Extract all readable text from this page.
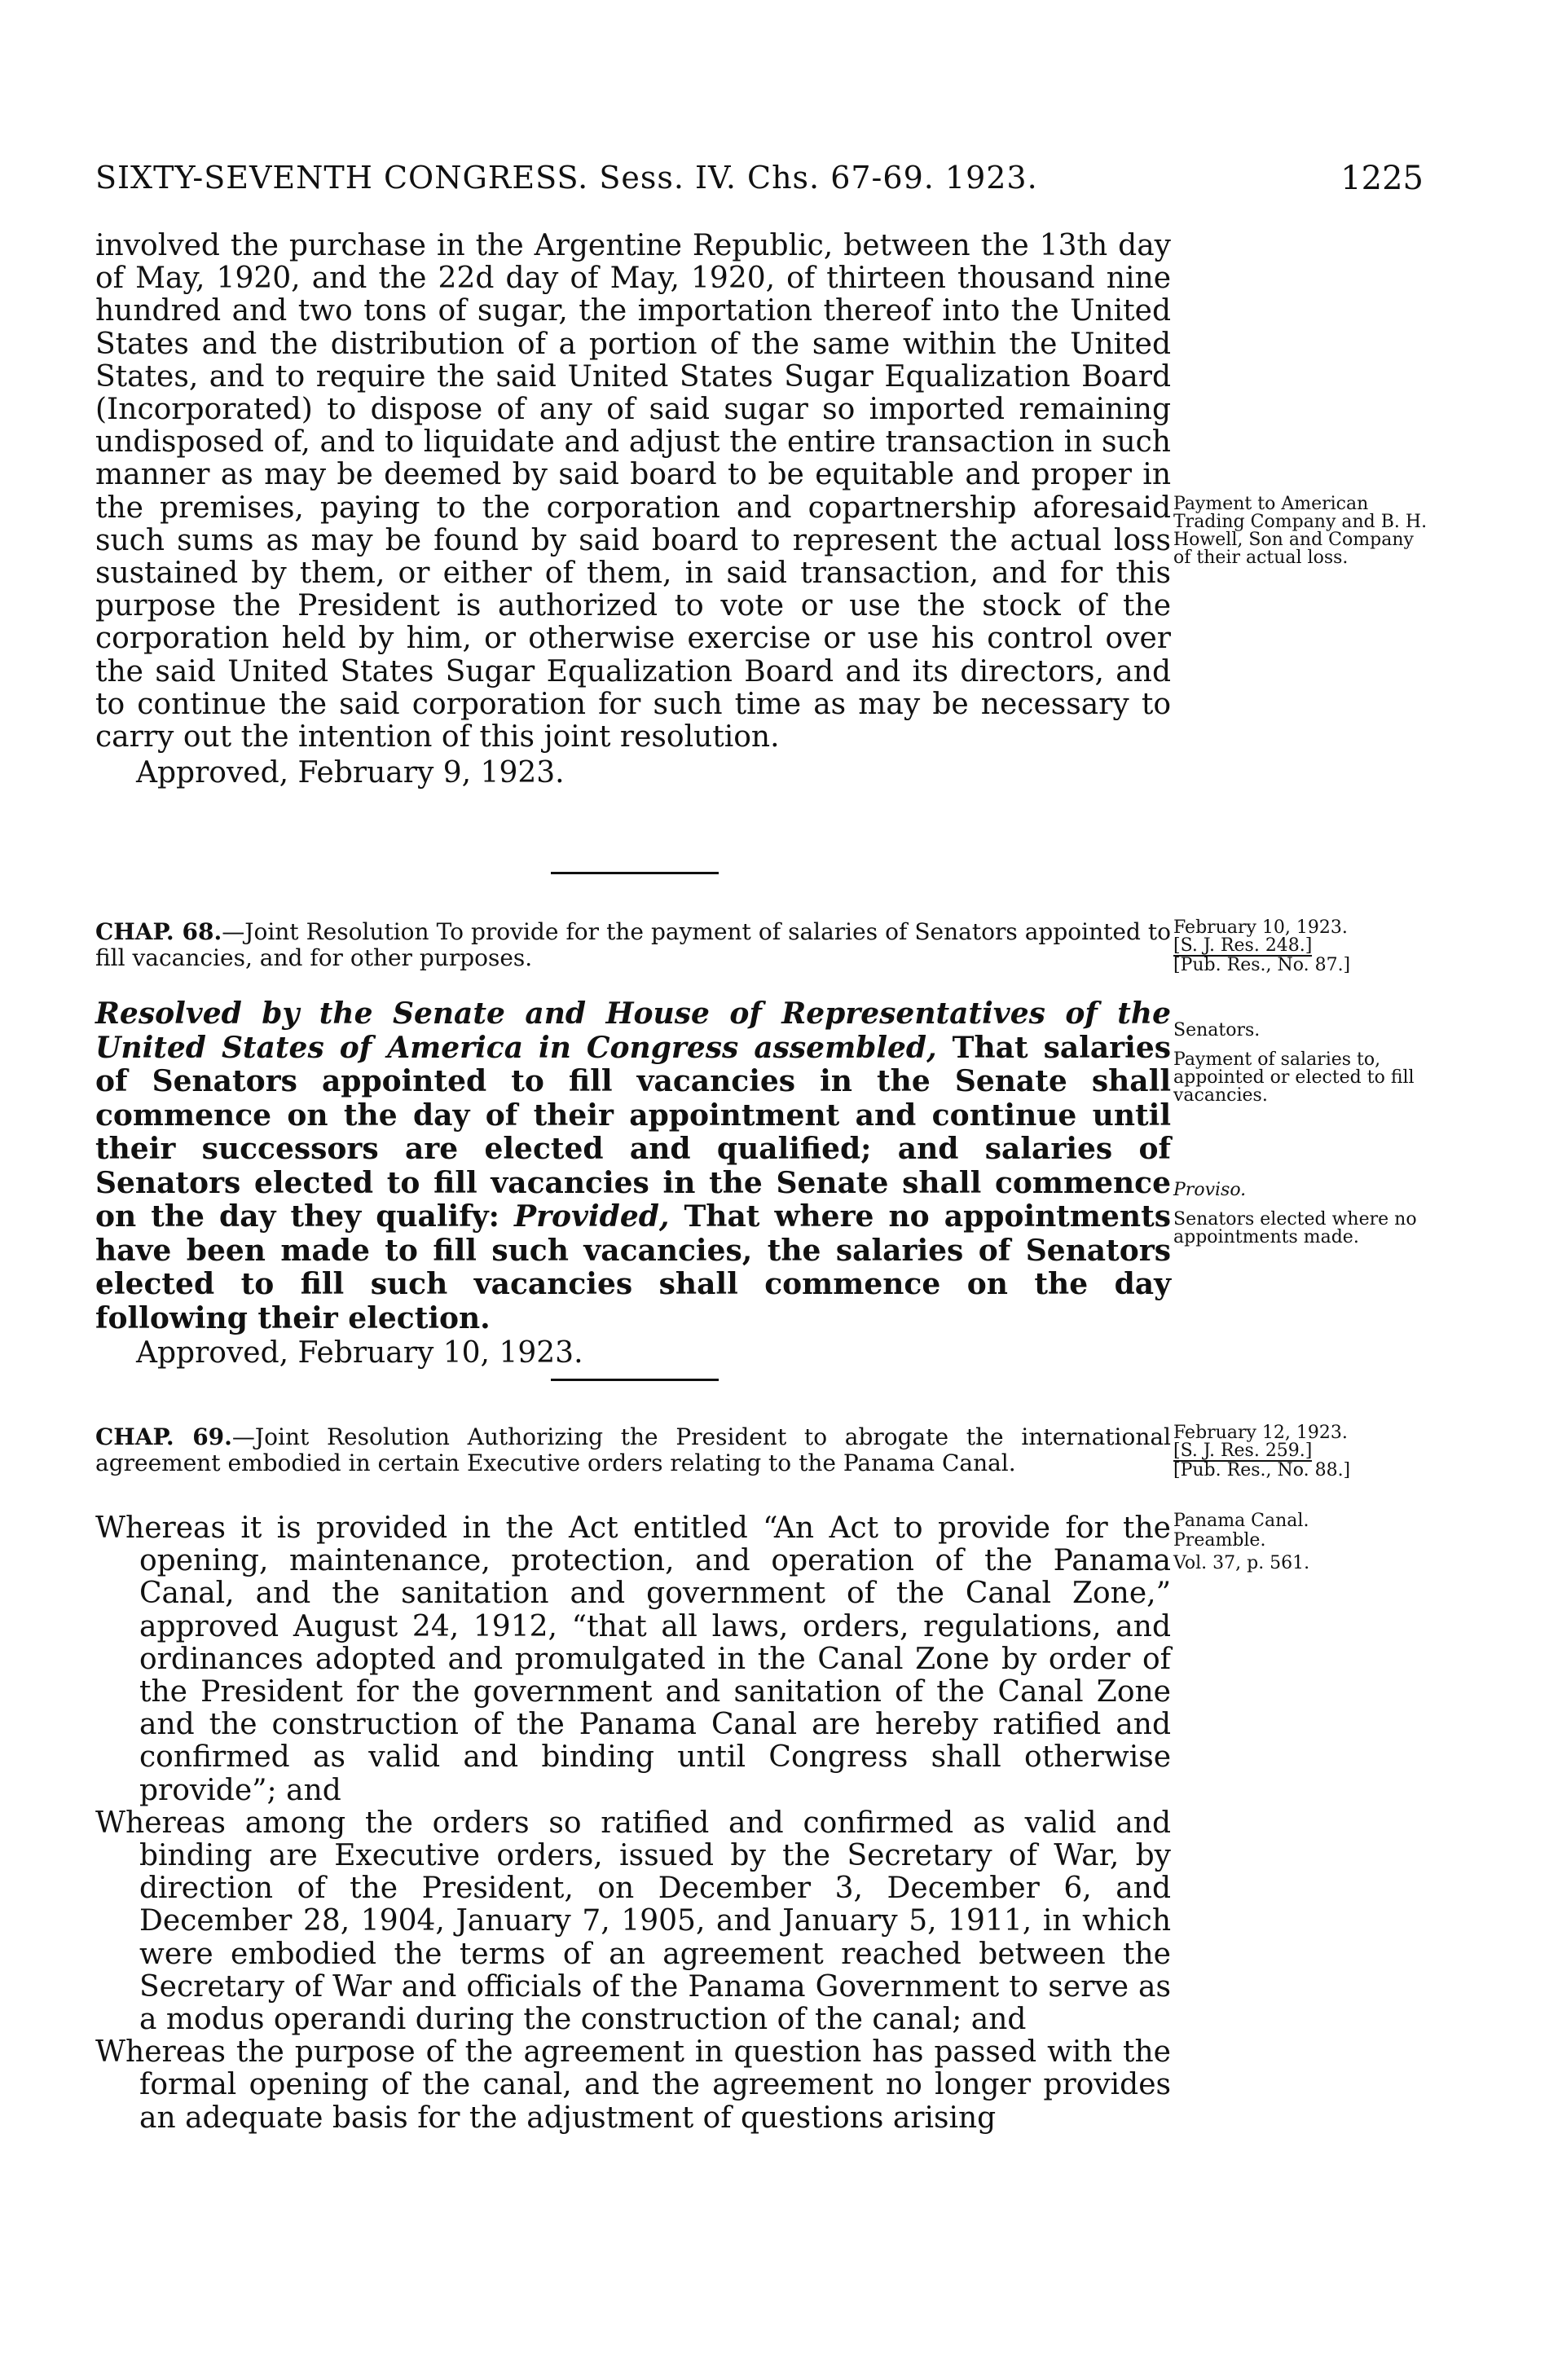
SIXTY-SEVENTH CONGRESS. Sess. IV. Chs. 67-69. 1923.	1225

involved the purchase in the Argentine Republic, between the 13th day of May, 1920, and the 22d day of May, 1920, of thirteen thousand nine hundred and two tons of sugar, the importation thereof into the United States and the distribution of a portion of the same within the United States, and to require the said United States Sugar Equalization Board (Incorporated) to dispose of any of said sugar so imported remaining undisposed of, and to liquidate and adjust the entire transaction in such manner as may be deemed by said board to be equitable and proper in the premises, paying to the corporation and copartnership aforesaid such sums as may be found by said board to represent the actual loss sustained by them, or either of them, in said transaction, and for this purpose the President is authorized to vote or use the stock of the corporation held by him, or otherwise exercise or use his control over the said United States Sugar Equalization Board and its directors, and to continue the said corporation for such time as may be necessary to carry out the intention of this joint resolution.

Approved, February 9, 1923.

Payment to American Trading Company and B. H. Howell, Son and Company of their actual loss.

CHAP. 68.—Joint Resolution To provide for the payment of salaries of Senators appointed to fill vacancies, and for other purposes.

Resolved by the Senate and House of Representatives of the United States of America in Congress assembled, That salaries of Senators appointed to fill vacancies in the Senate shall commence on the day of their appointment and continue until their successors are elected and qualified; and salaries of Senators elected to fill vacancies in the Senate shall commence on the day they qualify: Provided, That where no appointments have been made to fill such vacancies, the salaries of Senators elected to fill such vacancies shall commence on the day following their election.

Approved, February 10, 1923.

February 10, 1923.

[S. J. Res. 248.]

[Pub. Res., No. 87.]

Senators.
Payment of salaries to, appointed or elected to fill vacancies.
Proviso.
Senators elected where no appointments made.

CHAP. 69.—Joint Resolution Authorizing the President to abrogate the international agreement embodied in certain Executive orders relating to the Panama Canal.

Whereas it is provided in the Act entitled “An Act to provide for the opening, maintenance, protection, and operation of the Panama Canal, and the sanitation and government of the Canal Zone,” approved August 24, 1912, “that all laws, orders, regulations, and ordinances adopted and promulgated in the Canal Zone by order of the President for the government and sanitation of the Canal Zone and the construction of the Panama Canal are hereby ratified and confirmed as valid and binding until Congress shall otherwise provide”; and

Whereas among the orders so ratified and confirmed as valid and binding are Executive orders, issued by the Secretary of War, by direction of the President, on December 3, December 6, and December 28, 1904, January 7, 1905, and January 5, 1911, in which were embodied the terms of an agreement reached between the Secretary of War and officials of the Panama Government to serve as a modus operandi during the construction of the canal; and

Whereas the purpose of the agreement in question has passed with the formal opening of the canal, and the agreement no longer provides an adequate basis for the adjustment of questions arising

February 12, 1923.

[S. J. Res. 259.]

[Pub. Res., No. 88.]

Panama Canal.
Preamble.
Vol. 37, p. 561.
